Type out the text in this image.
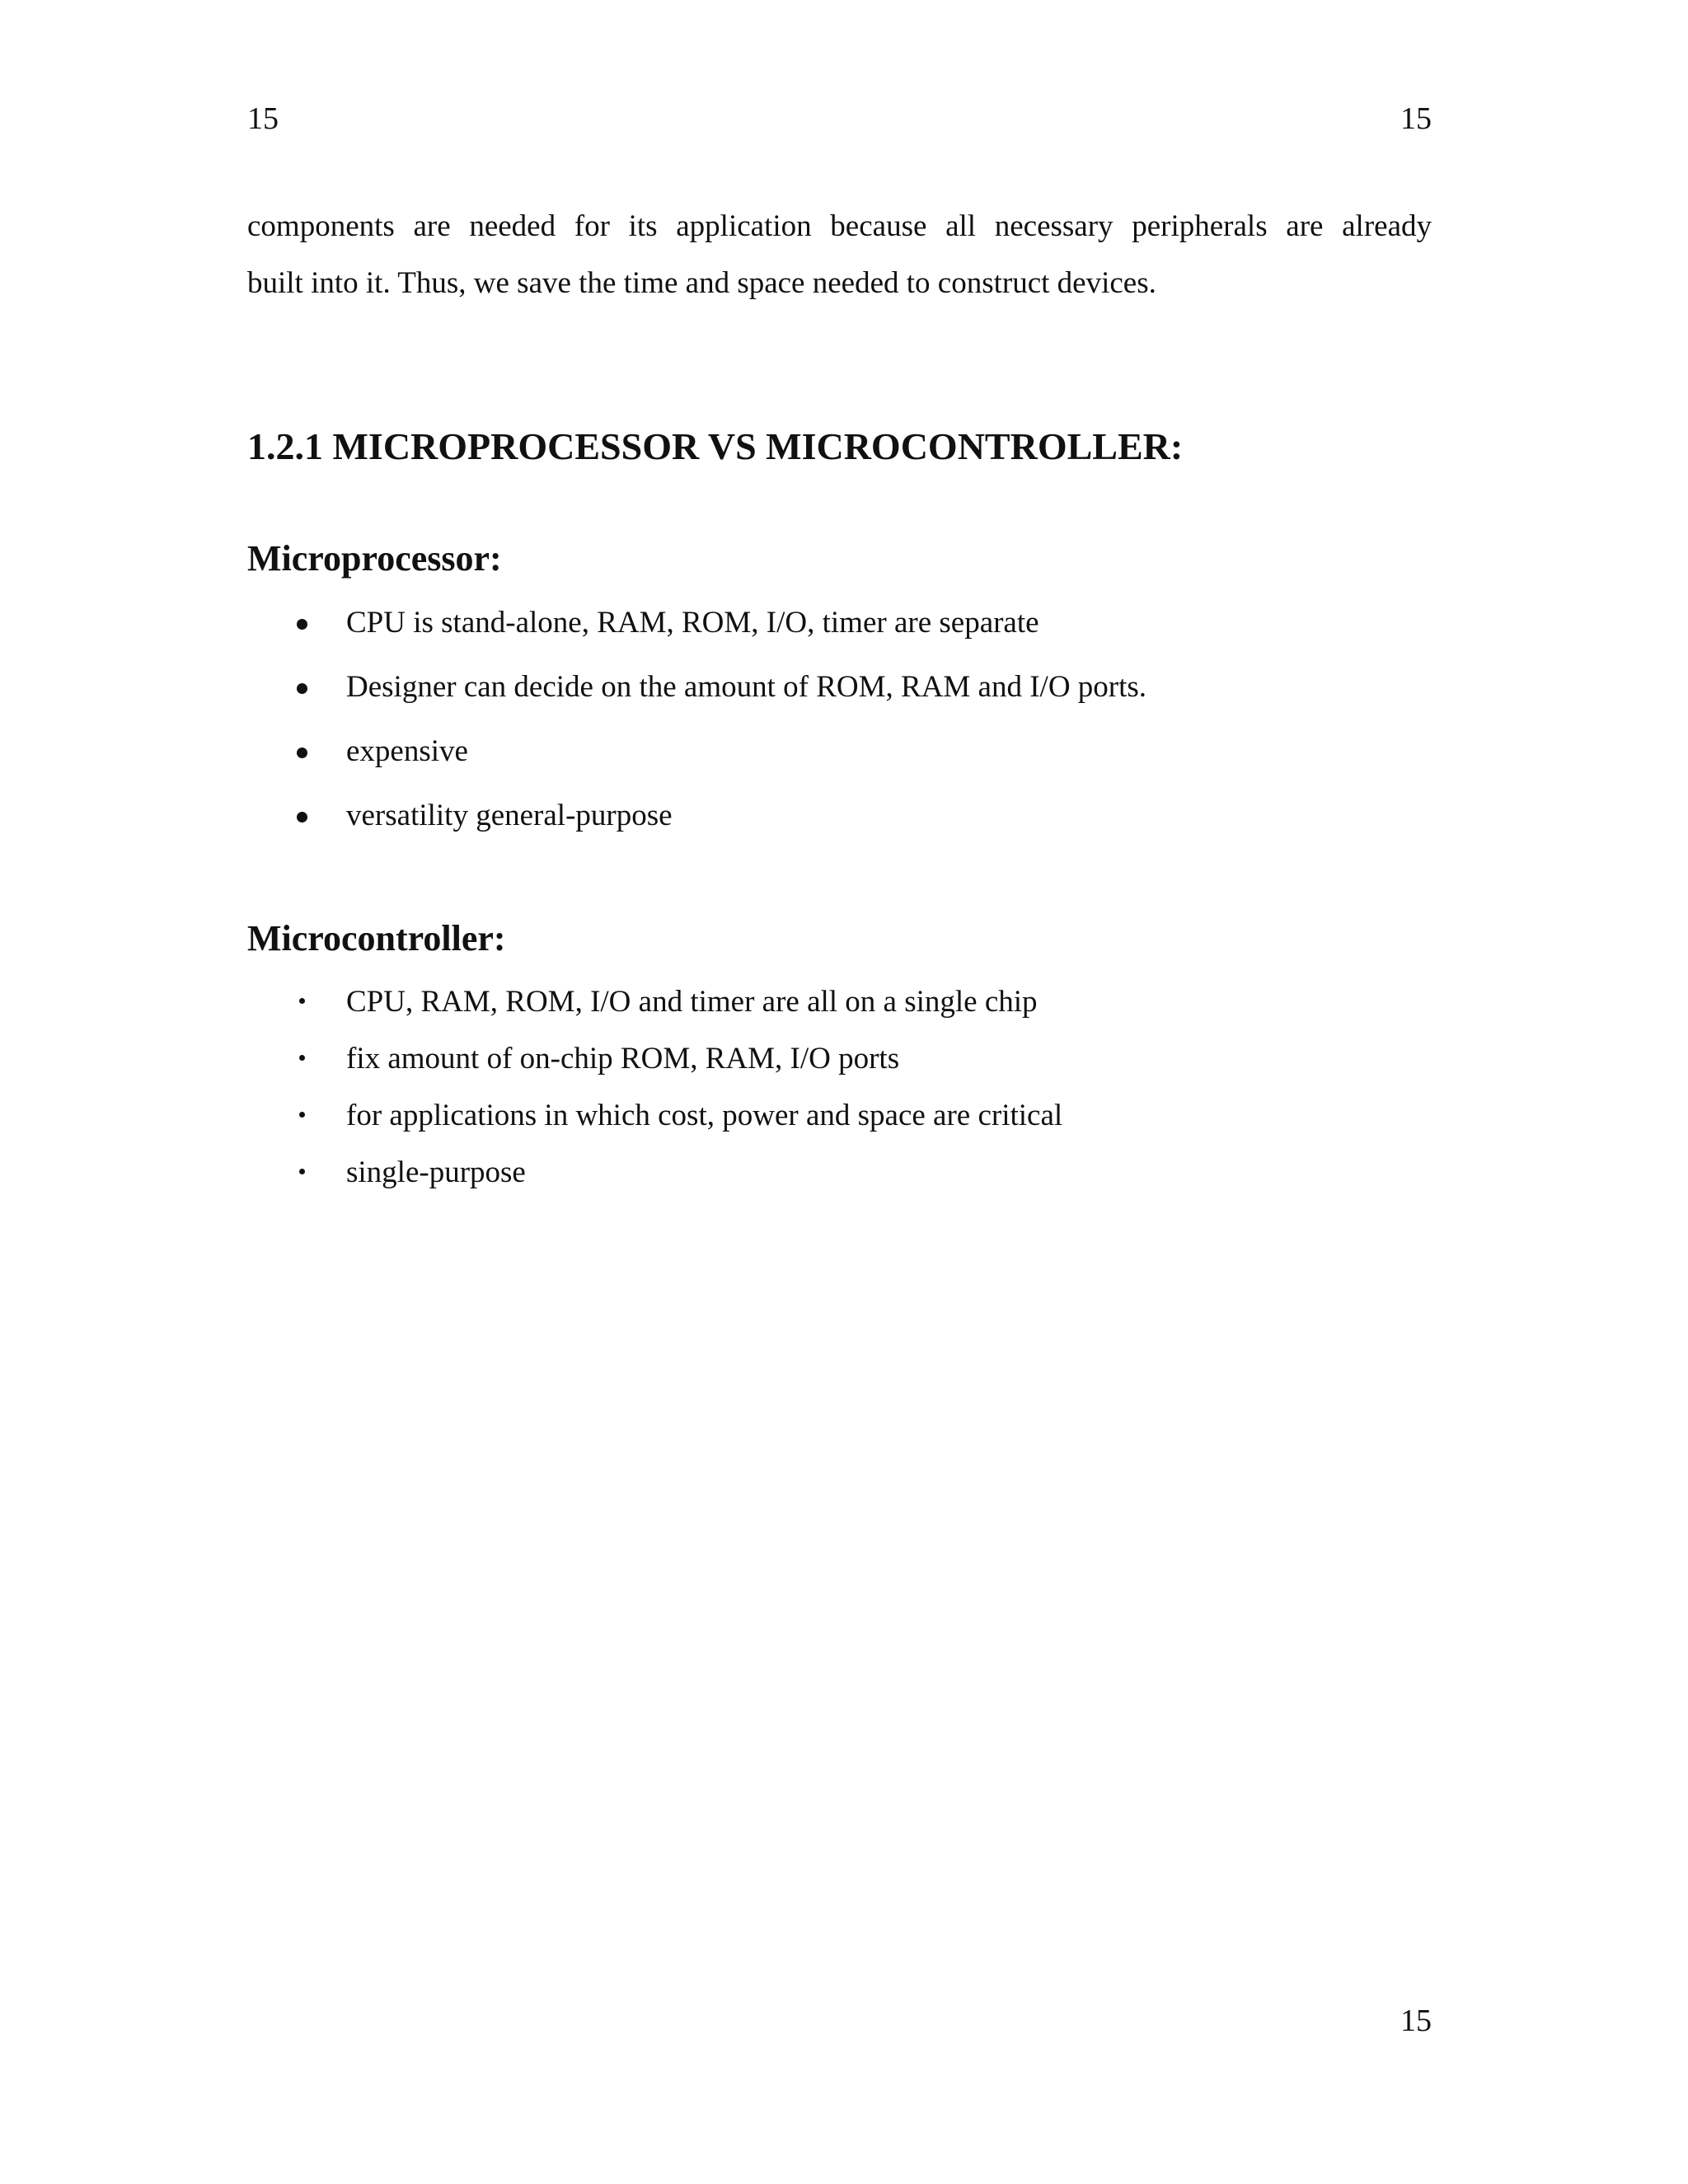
15	15

components are needed for its application because all necessary peripherals are already

built into it. Thus, we save the time and space needed to construct devices.

1.2.1 MICROPROCESSOR VS MICROCONTROLLER:
Microprocessor:
CPU is stand-alone, RAM, ROM, I/O, timer are separate
Designer can decide on the amount of ROM, RAM and I/O ports.
expensive
versatility general-purpose
Microcontroller:
CPU, RAM, ROM, I/O and timer are all on a single chip
fix amount of on-chip ROM, RAM, I/O ports
for applications in which cost, power and space are critical
single-purpose
15
